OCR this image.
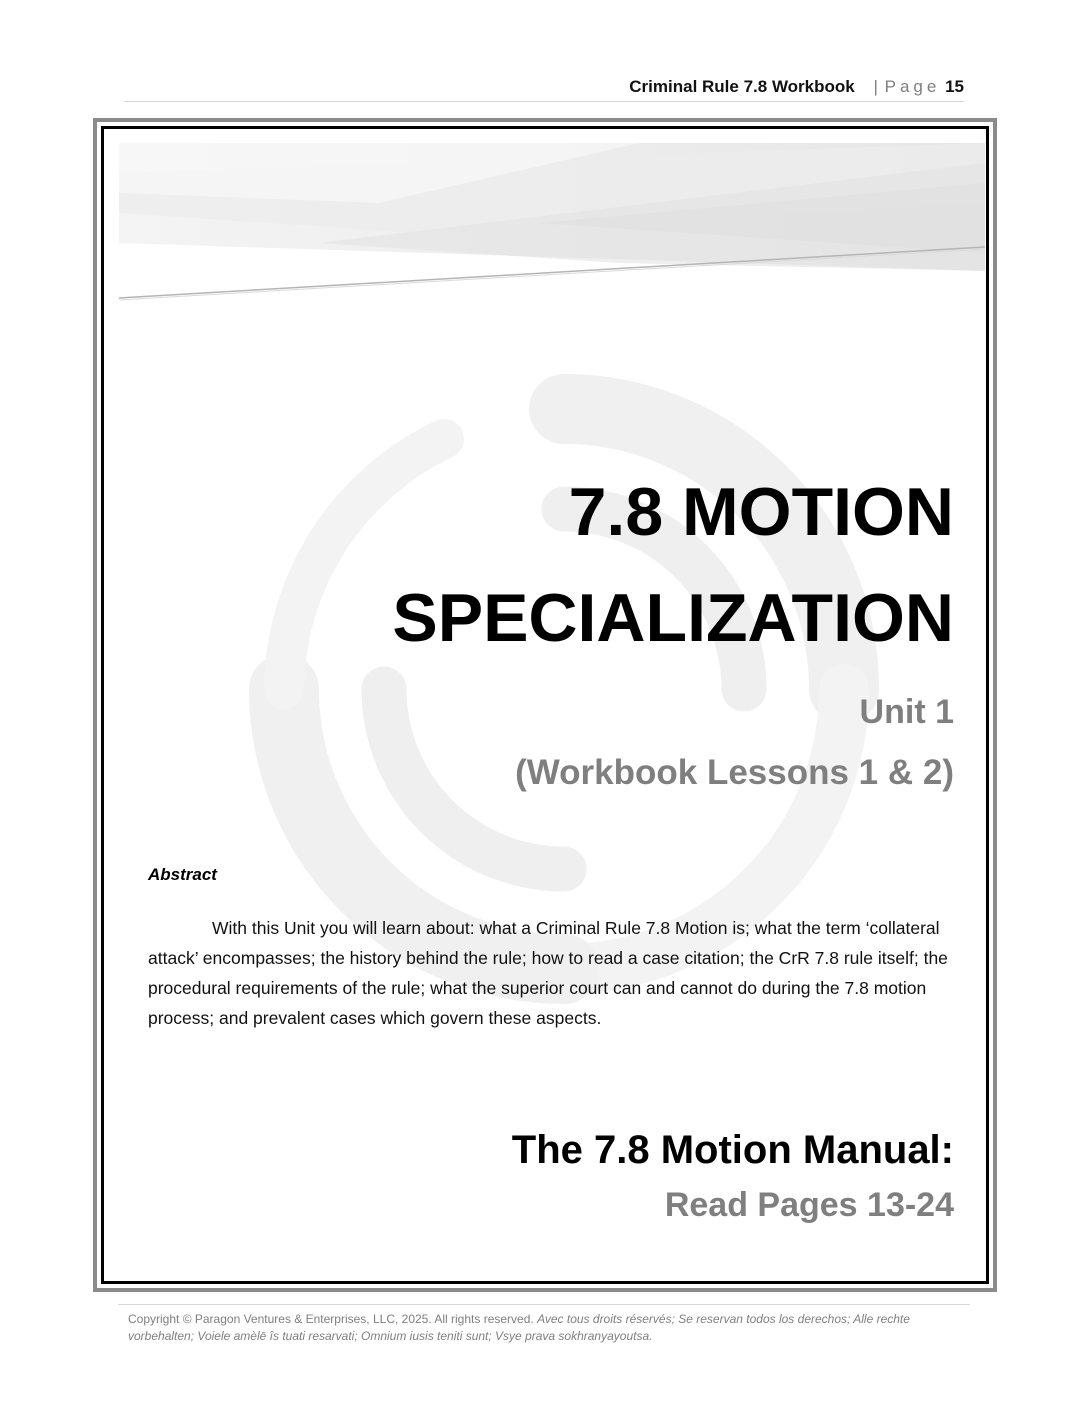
Criminal Rule 7.8 Workbook | Page 15
7.8 MOTION
SPECIALIZATION
Unit 1
(Workbook Lessons 1 & 2)
Abstract
With this Unit you will learn about: what a Criminal Rule 7.8 Motion is; what the term ‘collateral attack’ encompasses; the history behind the rule; how to read a case citation; the CrR 7.8 rule itself; the procedural requirements of the rule; what the superior court can and cannot do during the 7.8 motion process; and prevalent cases which govern these aspects.
The 7.8 Motion Manual:
Read Pages 13-24
Copyright © Paragon Ventures & Enterprises, LLC, 2025. All rights reserved. Avec tous droits réservés; Se reservan todos los derechos; Alle rechte vorbehalten; Voiele amèlē îs tuati resarvati; Omnium iusis teniti sunt; Vsye prava sokhranyayoutsa.
